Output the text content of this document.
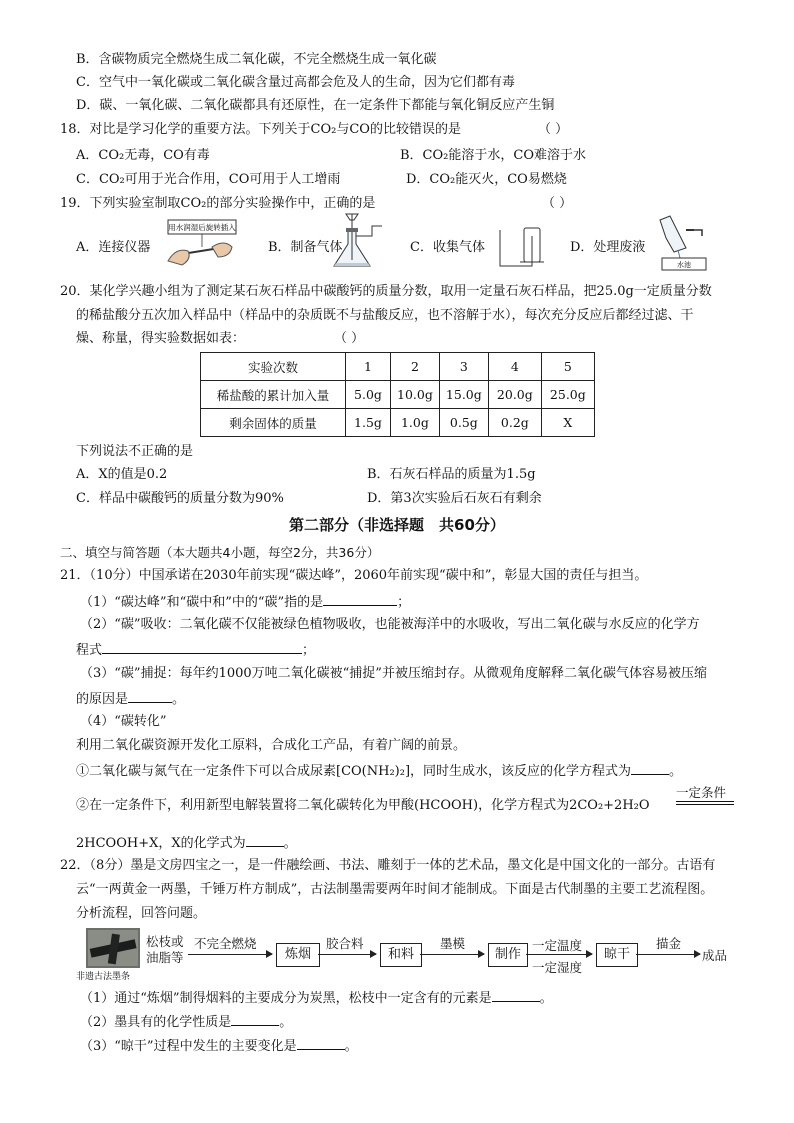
B．含碳物质完全燃烧生成二氧化碳，不完全燃烧生成一氧化碳
C．空气中一氧化碳或二氧化碳含量过高都会危及人的生命，因为它们都有毒
D．碳、一氧化碳、二氧化碳都具有还原性，在一定条件下都能与氧化铜反应产生铜
18．对比是学习化学的重要方法。下列关于CO₂与CO的比较错误的是	（ ）
A．CO₂无毒，CO有毒	B．CO₂能溶于水，CO难溶于水
C．CO₂可用于光合作用，CO可用于人工增雨	D．CO₂能灭火，CO易燃烧
19．下列实验室制取CO₂的部分实验操作中，正确的是	（ ）
A．连接仪器	B．制备气体	C．收集气体	D．处理废液
用水润湿后旋转插入
水池
20．某化学兴趣小组为了测定某石灰石样品中碳酸钙的质量分数，取用一定量石灰石样品，把25.0g一定质量分数
的稀盐酸分五次加入样品中（样品中的杂质既不与盐酸反应，也不溶解于水），每次充分反应后都经过滤、干
燥、称量，得实验数据如表：	（ ）
实验次数	1	2	3	4	5
稀盐酸的累计加入量	5.0g	10.0g	15.0g	20.0g	25.0g
剩余固体的质量	1.5g	1.0g	0.5g	0.2g	X
下列说法不正确的是
A．X的值是0.2	B．石灰石样品的质量为1.5g
C．样品中碳酸钙的质量分数为90%	D．第3次实验后石灰石有剩余
第二部分（非选择题　共60分）
二、填空与简答题（本大题共4小题，每空2分，共36分）
21．（10分）中国承诺在2030年前实现“碳达峰”，2060年前实现“碳中和”，彰显大国的责任与担当。
（1）“碳达峰”和“碳中和”中的“碳”指的是	；
（2）“碳”吸收：二氧化碳不仅能被绿色植物吸收，也能被海洋中的水吸收，写出二氧化碳与水反应的化学方
程式	；
（3）“碳”捕捉：每年约1000万吨二氧化碳被“捕捉”并被压缩封存。从微观角度解释二氧化碳气体容易被压缩
的原因是	。
（4）“碳转化”
利用二氧化碳资源开发化工原料，合成化工产品，有着广阔的前景。
①二氧化碳与氮气在一定条件下可以合成尿素[CO(NH₂)₂]，同时生成水，该反应的化学方程式为	。
②在一定条件下，利用新型电解装置将二氧化碳转化为甲酸(HCOOH)，化学方程式为2CO₂+2H₂O
一定条件
2HCOOH+X，X的化学式为	。
22．（8分）墨是文房四宝之一，是一件融绘画、书法、雕刻于一体的艺术品，墨文化是中国文化的一部分。古语有
云“一两黄金一两墨，千锤万杵方制成”，古法制墨需要两年时间才能制成。下面是古代制墨的主要工艺流程图。
分析流程，回答问题。
非遗古法墨条
松枝或
油脂等
不完全燃烧
炼烟
胶合料
和料
墨模
制作
一定温度
一定湿度
晾干
描金
成品
（1）通过“炼烟”制得烟料的主要成分为炭黑，松枝中一定含有的元素是	。
（2）墨具有的化学性质是	。
（3）“晾干”过程中发生的主要变化是	。
